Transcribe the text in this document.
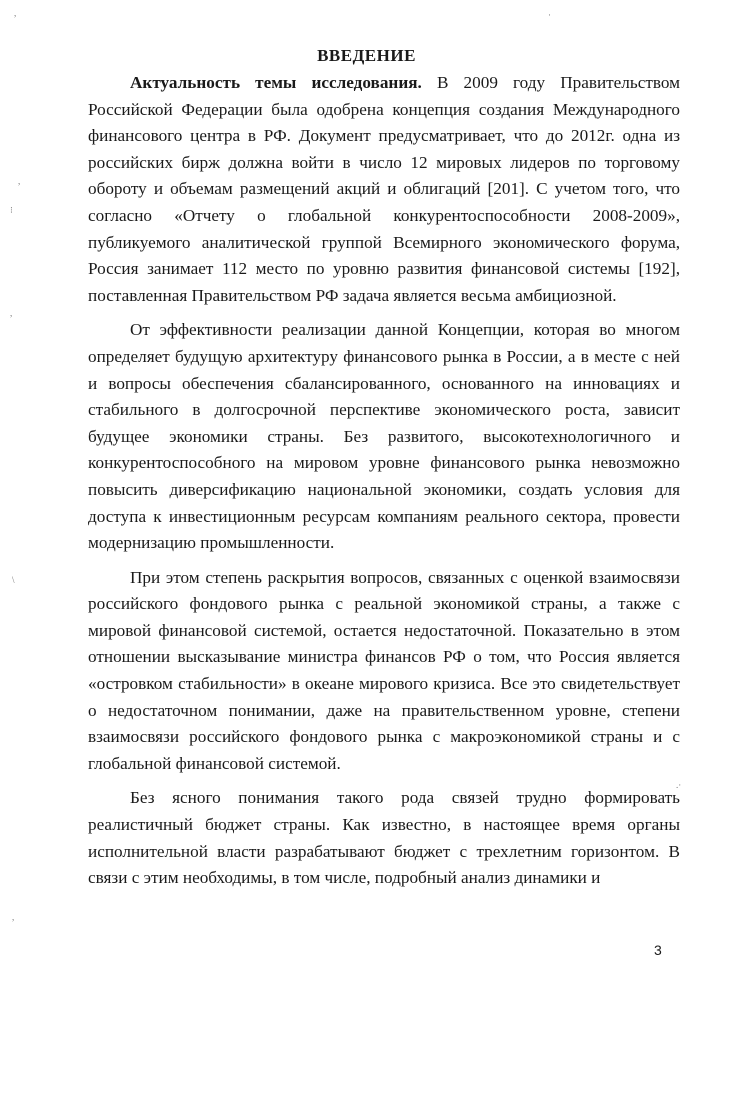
ВВЕДЕНИЕ

Актуальность темы исследования. В 2009 году Правительством Российской Федерации была одобрена концепция создания Международного финансового центра в РФ. Документ предусматривает, что до 2012г. одна из российских бирж должна войти в число 12 мировых лидеров по торговому обороту и объемам размещений акций и облигаций [201]. С учетом того, что согласно «Отчету о глобальной конкурентоспособности 2008-2009», публикуемого аналитической группой Всемирного экономического форума, Россия занимает 112 место по уровню развития финансовой системы [192], поставленная Правительством РФ задача является весьма амбициозной.

От эффективности реализации данной Концепции, которая во многом определяет будущую архитектуру финансового рынка в России, а в месте с ней и вопросы обеспечения сбалансированного, основанного на инновациях и стабильного в долгосрочной перспективе экономического роста, зависит будущее экономики страны. Без развитого, высокотехнологичного и конкурентоспособного на мировом уровне финансового рынка невозможно повысить диверсификацию национальной экономики, создать условия для доступа к инвестиционным ресурсам компаниям реального сектора, провести модернизацию промышленности.

При этом степень раскрытия вопросов, связанных с оценкой взаимосвязи российского фондового рынка с реальной экономикой страны, а также с мировой финансовой системой, остается недостаточной. Показательно в этом отношении высказывание министра финансов РФ о том, что Россия является «островком стабильности» в океане мирового кризиса. Все это свидетельствует о недостаточном понимании, даже на правительственном уровне, степени взаимосвязи российского фондового рынка с макроэкономикой страны и с глобальной финансовой системой.

Без ясного понимания такого рода связей трудно формировать реалистичный бюджет страны. Как известно, в настоящее время органы исполнительной власти разрабатывают бюджет с трехлетним горизонтом. В связи с этим необходимы, в том числе, подробный анализ динамики и

3
,	·
,
⁝
,
\
.·
,
